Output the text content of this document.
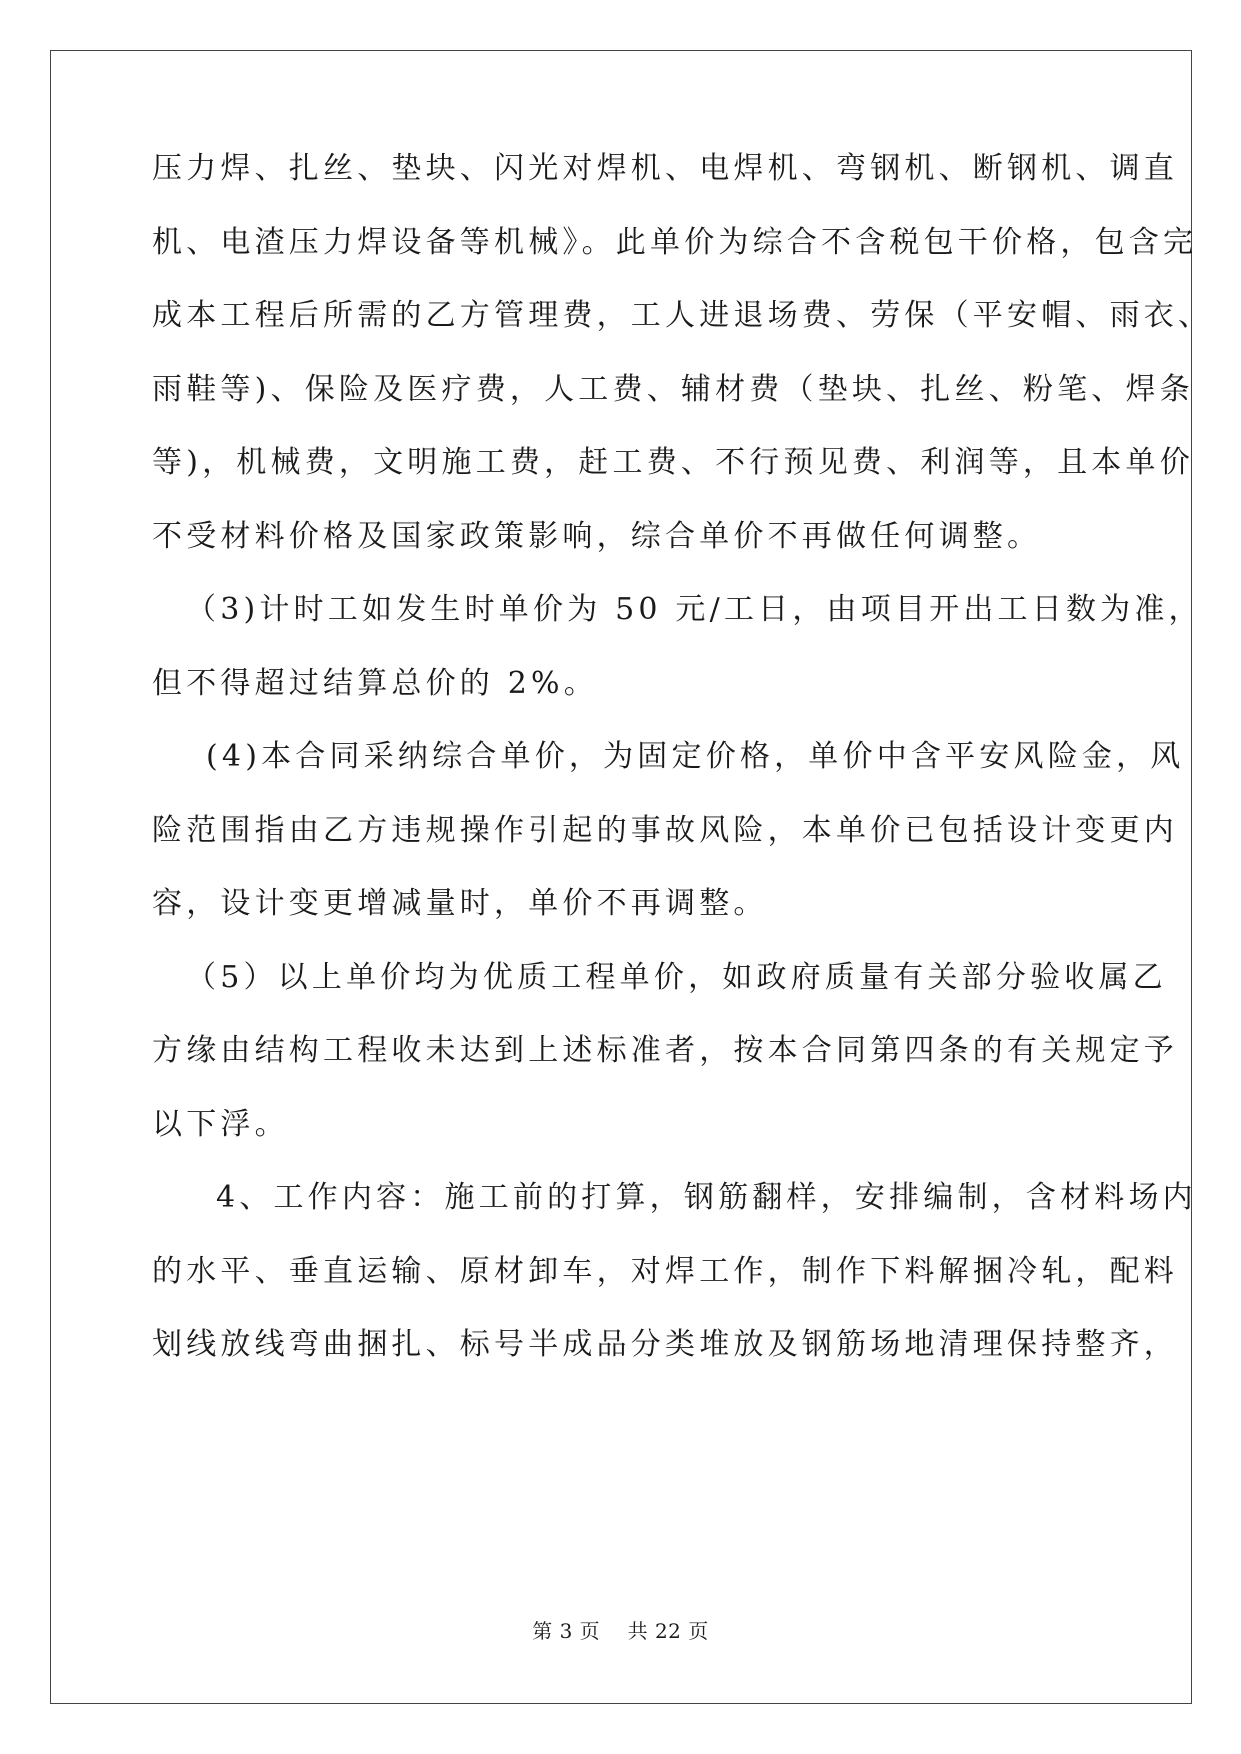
压力焊、扎丝、垫块、闪光对焊机、电焊机、弯钢机、断钢机、调直
机、电渣压力焊设备等机械》。此单价为综合不含税包干价格，包含完
成本工程后所需的乙方管理费，工人进退场费、劳保（平安帽、雨衣、
雨鞋等)、保险及医疗费，人工费、辅材费（垫块、扎丝、粉笔、焊条
等)，机械费，文明施工费，赶工费、不行预见费、利润等，且本单价
不受材料价格及国家政策影响，综合单价不再做任何调整。
（3)计时工如发生时单价为 50 元/工日，由项目开出工日数为准，
但不得超过结算总价的 2%。
(4)本合同采纳综合单价，为固定价格，单价中含平安风险金，风
险范围指由乙方违规操作引起的事故风险，本单价已包括设计变更内
容，设计变更增减量时，单价不再调整。
（5）以上单价均为优质工程单价，如政府质量有关部分验收属乙
方缘由结构工程收未达到上述标准者，按本合同第四条的有关规定予
以下浮。
4、工作内容：施工前的打算，钢筋翻样，安排编制，含材料场内
的水平、垂直运输、原材卸车，对焊工作，制作下料解捆冷轧，配料
划线放线弯曲捆扎、标号半成品分类堆放及钢筋场地清理保持整齐，
第 3 页    共 22 页
